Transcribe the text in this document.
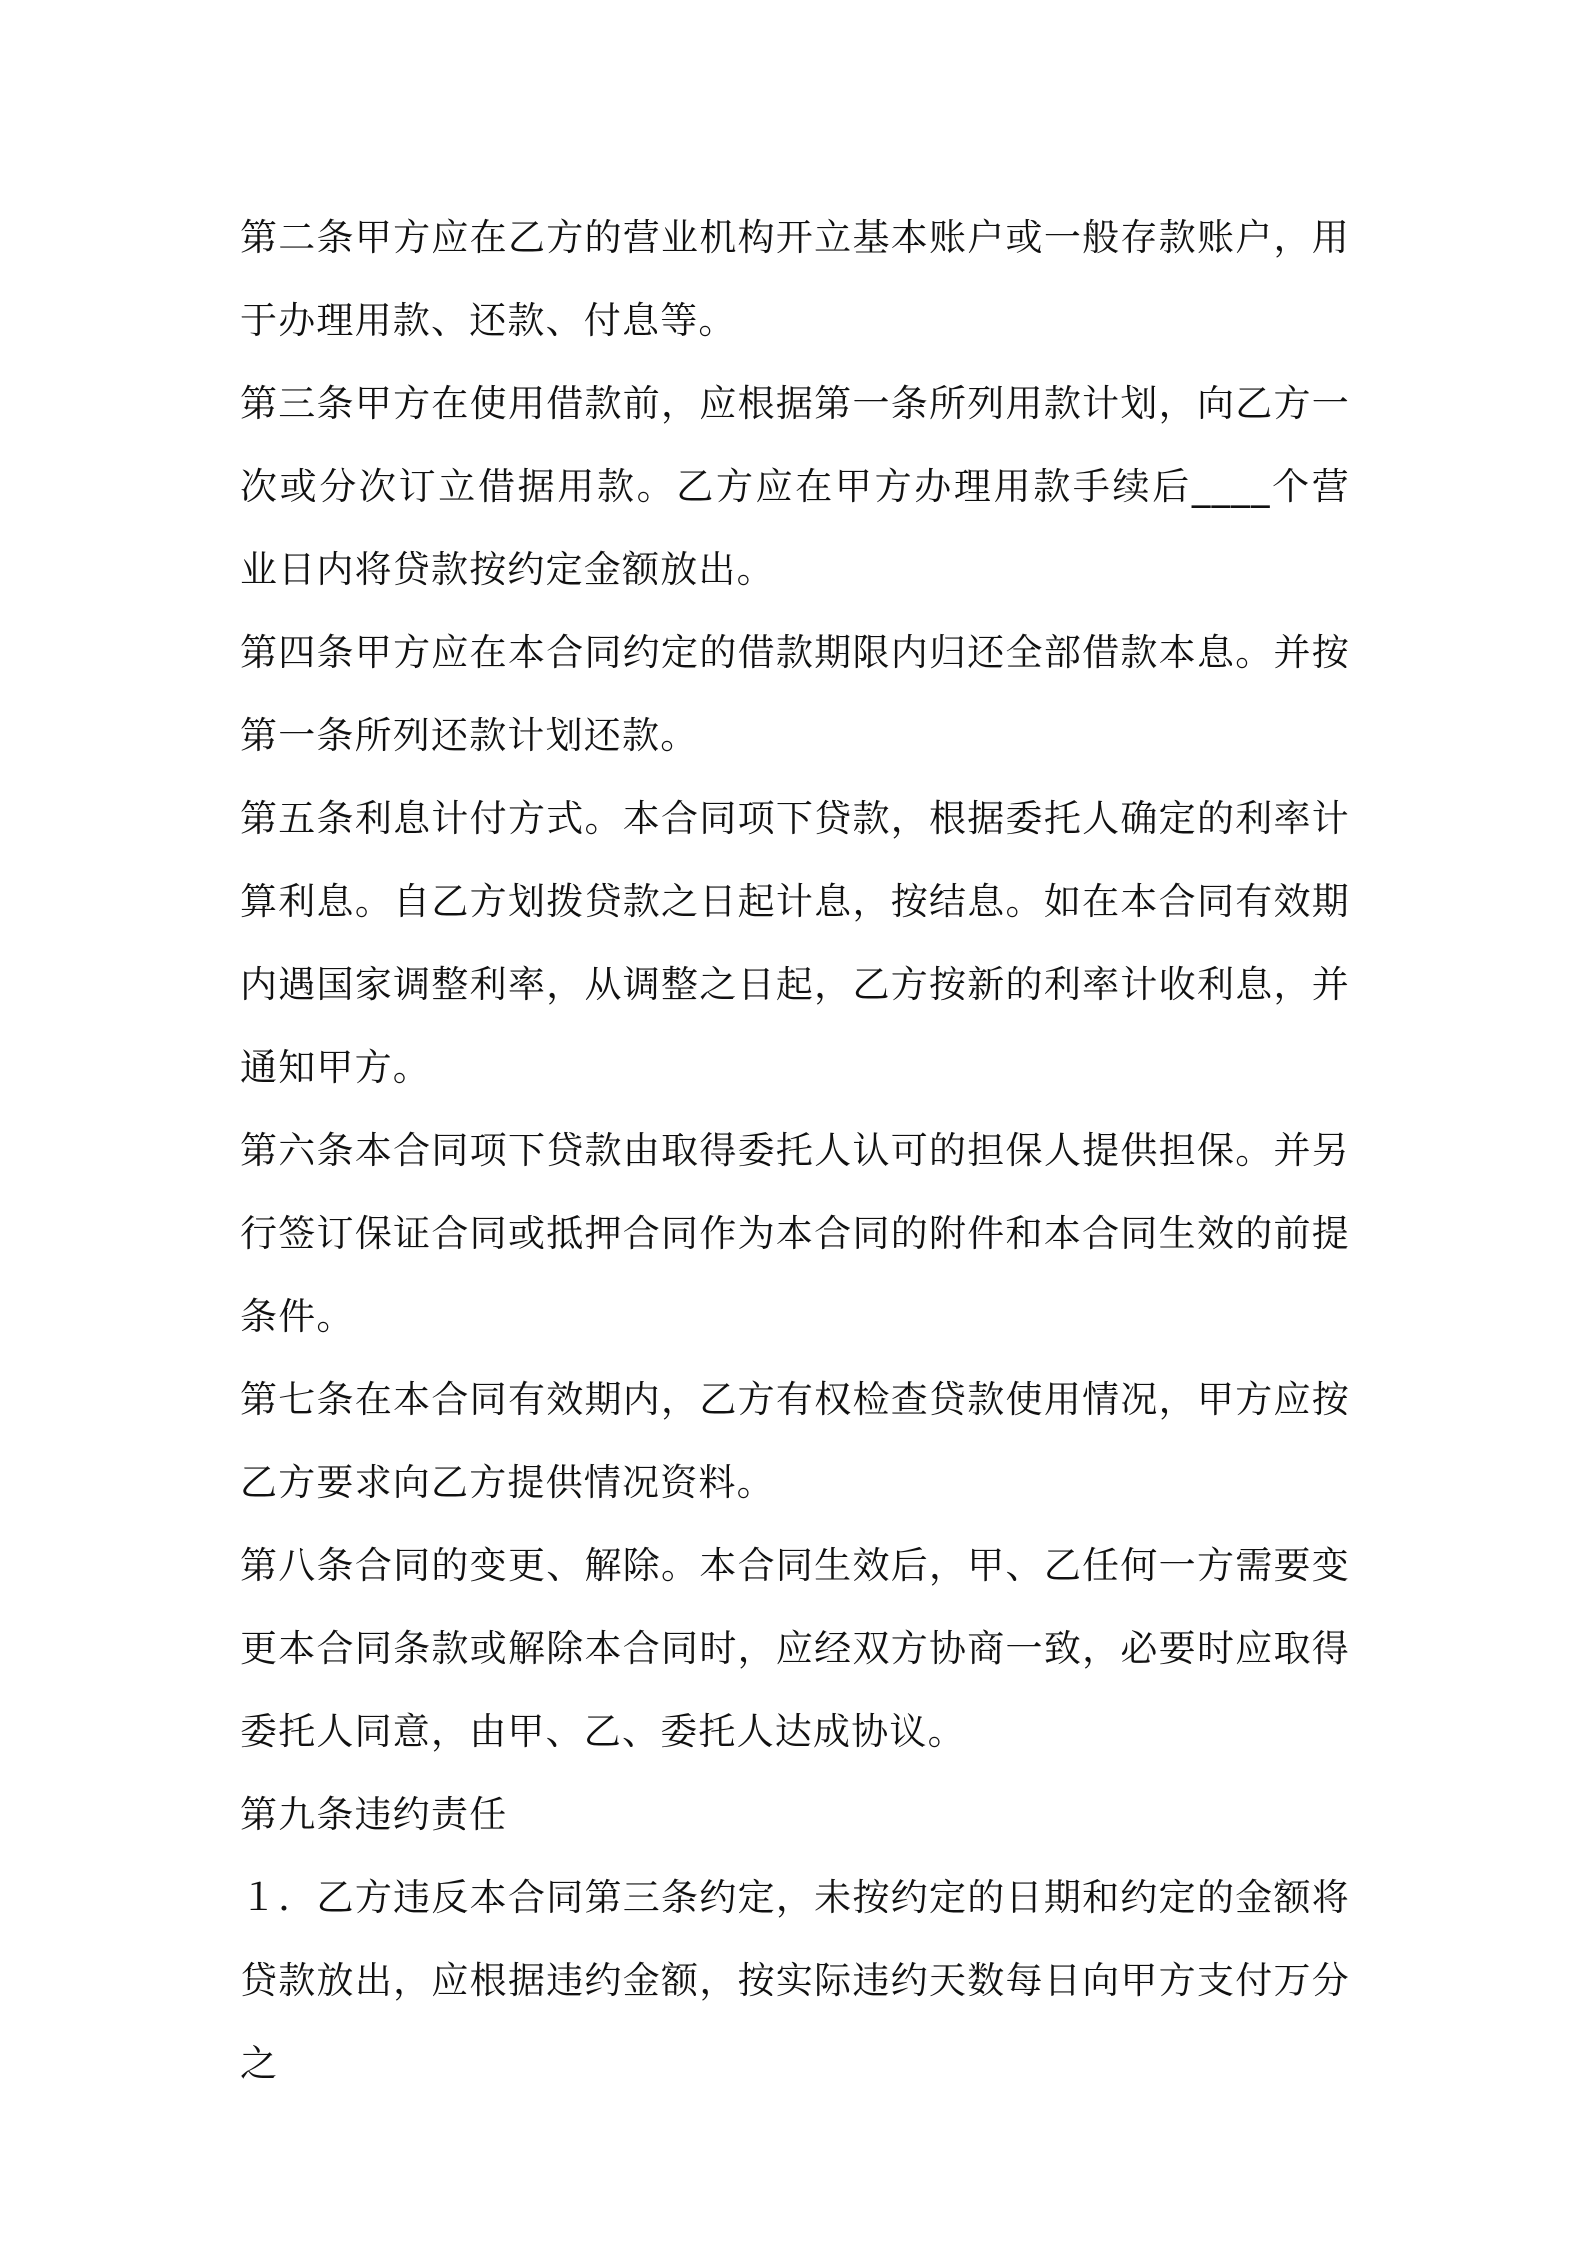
第二条甲方应在乙方的营业机构开立基本账户或一般存款账户，用于办理用款、还款、付息等。

第三条甲方在使用借款前，应根据第一条所列用款计划，向乙方一次或分次订立借据用款。乙方应在甲方办理用款手续后____个营业日内将贷款按约定金额放出。

第四条甲方应在本合同约定的借款期限内归还全部借款本息。并按第一条所列还款计划还款。

第五条利息计付方式。本合同项下贷款，根据委托人确定的利率计算利息。自乙方划拨贷款之日起计息，按结息。如在本合同有效期内遇国家调整利率，从调整之日起，乙方按新的利率计收利息，并通知甲方。

第六条本合同项下贷款由取得委托人认可的担保人提供担保。并另行签订保证合同或抵押合同作为本合同的附件和本合同生效的前提条件。

第七条在本合同有效期内，乙方有权检查贷款使用情况，甲方应按乙方要求向乙方提供情况资料。

第八条合同的变更、解除。本合同生效后，甲、乙任何一方需要变更本合同条款或解除本合同时，应经双方协商一致，必要时应取得委托人同意，由甲、乙、委托人达成协议。

第九条违约责任

１．乙方违反本合同第三条约定，未按约定的日期和约定的金额将贷款放出，应根据违约金额，按实际违约天数每日向甲方支付万分之
